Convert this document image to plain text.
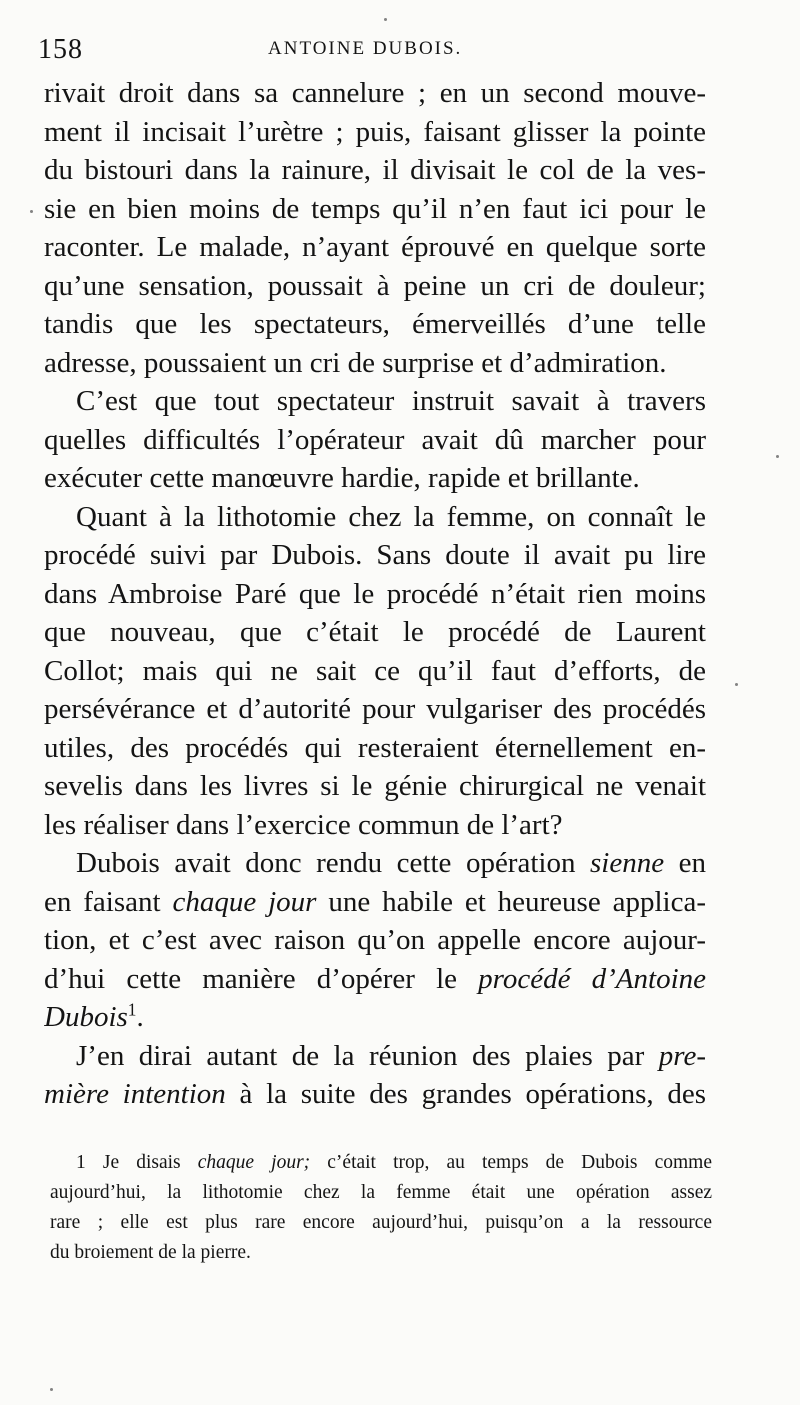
158	ANTOINE DUBOIS.
rivait droit dans sa cannelure ; en un second mouve-
ment il incisait l’urètre ; puis, faisant glisser la pointe
du bistouri dans la rainure, il divisait le col de la ves-
sie en bien moins de temps qu’il n’en faut ici pour le
raconter. Le malade, n’ayant éprouvé en quelque sorte
qu’une sensation, poussait à peine un cri de douleur;
tandis que les spectateurs, émerveillés d’une telle
adresse, poussaient un cri de surprise et d’admiration.
C’est que tout spectateur instruit savait à travers
quelles difficultés l’opérateur avait dû marcher pour
exécuter cette manœuvre hardie, rapide et brillante.
Quant à la lithotomie chez la femme, on connaît le
procédé suivi par Dubois. Sans doute il avait pu lire
dans Ambroise Paré que le procédé n’était rien moins
que nouveau, que c’était le procédé de Laurent
Collot; mais qui ne sait ce qu’il faut d’efforts, de
persévérance et d’autorité pour vulgariser des procédés
utiles, des procédés qui resteraient éternellement en-
sevelis dans les livres si le génie chirurgical ne venait
les réaliser dans l’exercice commun de l’art?
Dubois avait donc rendu cette opération sienne en
en faisant chaque jour une habile et heureuse applica-
tion, et c’est avec raison qu’on appelle encore aujour-
d’hui cette manière d’opérer le procédé d’Antoine
Dubois$^1$.
J’en dirai autant de la réunion des plaies par pre-
mière intention à la suite des grandes opérations, des
1 Je disais chaque jour; c’était trop, au temps de Dubois comme
aujourd’hui, la lithotomie chez la femme était une opération assez
rare ; elle est plus rare encore aujourd’hui, puisqu’on a la ressource
du broiement de la pierre.
